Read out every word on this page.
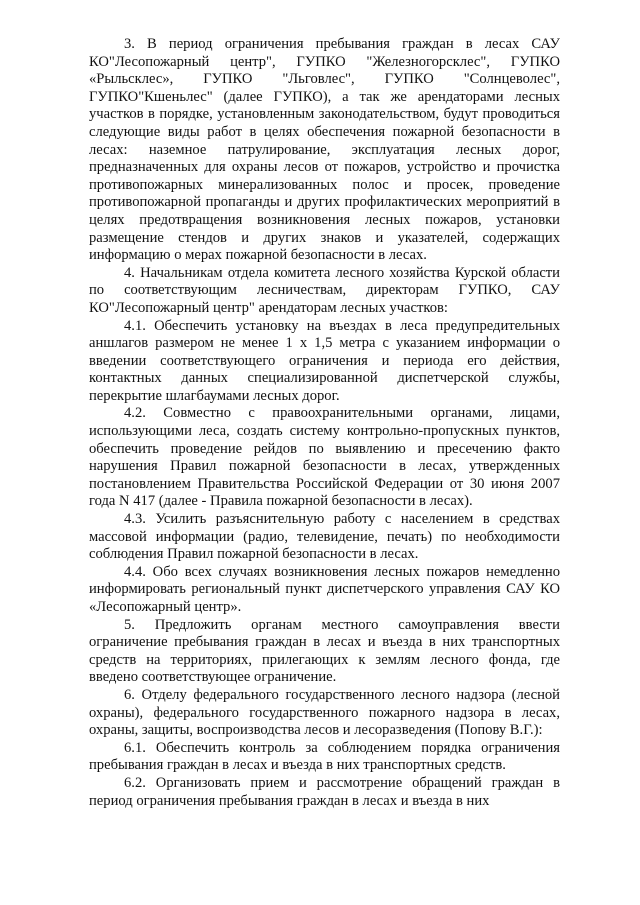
3. В период ограничения пребывания граждан в лесах САУ КО"Лесопожарный центр", ГУПКО "Железногорсклес", ГУПКО «Рыльсклес», ГУПКО "Льговлес", ГУПКО "Солнцеволес", ГУПКО"Кшеньлес" (далее ГУПКО), а так же арендаторами лесных участков в порядке, установленным законодательством, будут проводиться следующие виды работ в целях обеспечения пожарной безопасности в лесах: наземное патрулирование, эксплуатация лесных дорог, предназначенных для охраны лесов от пожаров, устройство и прочистка противопожарных минерализованных полос и просек, проведение противопожарной пропаганды и других профилактических мероприятий в целях предотвращения возникновения лесных пожаров, установки размещение стендов и других знаков и указателей, содержащих информацию о мерах пожарной безопасности в лесах.

4. Начальникам отдела комитета лесного хозяйства Курской области по соответствующим лесничествам, директорам ГУПКО, САУ КО"Лесопожарный центр" арендаторам лесных участков:

4.1. Обеспечить установку на въездах в леса предупредительных аншлагов размером не менее 1 х 1,5 метра с указанием информации о введении соответствующего ограничения и периода его действия, контактных данных специализированной диспетчерской службы, перекрытие шлагбаумами лесных дорог.

4.2. Совместно с правоохранительными органами, лицами, использующими леса, создать систему контрольно-пропускных пунктов, обеспечить проведение рейдов по выявлению и пресечению факто нарушения Правил пожарной безопасности в лесах, утвержденных постановлением Правительства Российской Федерации от 30 июня 2007 года N 417 (далее - Правила пожарной безопасности в лесах).

4.3. Усилить разъяснительную работу с населением в средствах массовой информации (радио, телевидение, печать) по необходимости соблюдения Правил пожарной безопасности в лесах.

4.4. Обо всех случаях возникновения лесных пожаров немедленно информировать региональный пункт диспетчерского управления САУ КО «Лесопожарный центр».

5. Предложить органам местного самоуправления ввести ограничение пребывания граждан в лесах и въезда в них транспортных средств на территориях, прилегающих к землям лесного фонда, где введено соответствующее ограничение.

6. Отделу федерального государственного лесного надзора (лесной охраны), федерального государственного пожарного надзора в лесах, охраны, защиты, воспроизводства лесов и лесоразведения (Попову В.Г.):

6.1. Обеспечить контроль за соблюдением порядка ограничения пребывания граждан в лесах и въезда в них транспортных средств.

6.2. Организовать прием и рассмотрение обращений граждан в период ограничения пребывания граждан в лесах и въезда в них
